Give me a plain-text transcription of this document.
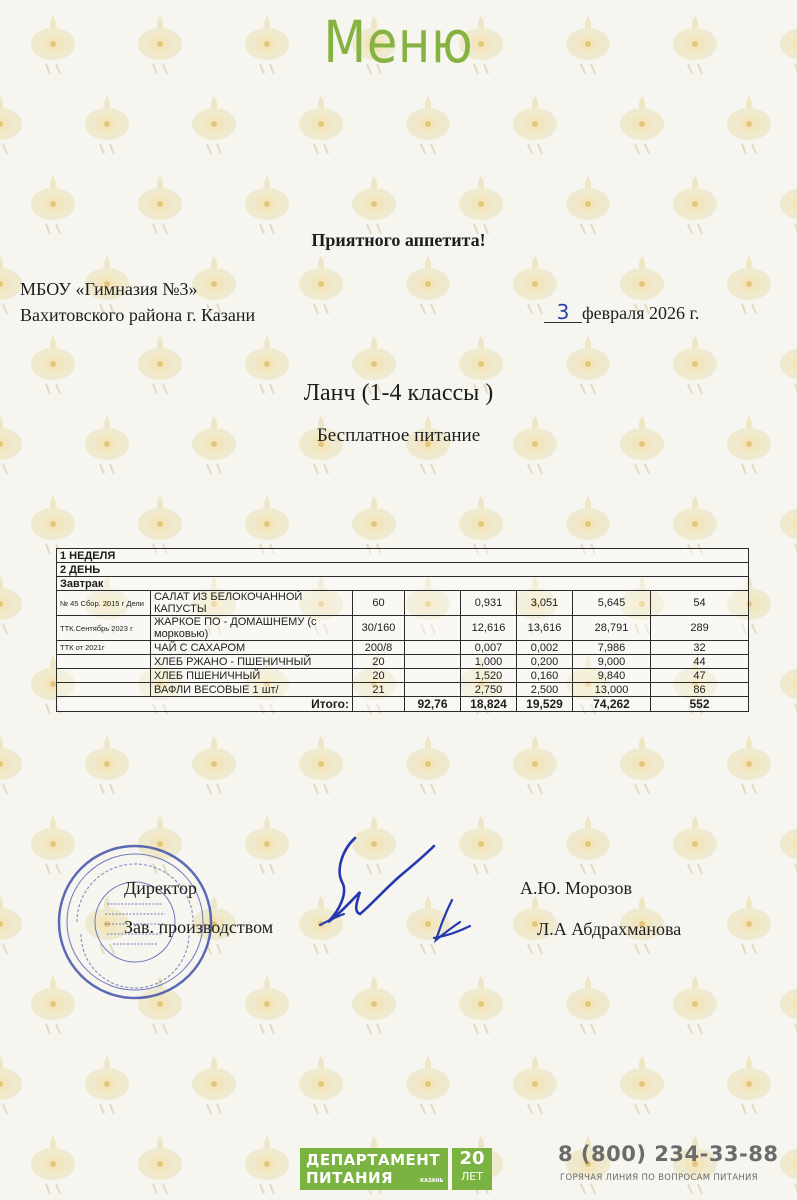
Меню
Приятного аппетита!
МБОУ «Гимназия №3»
Вахитовского района г. Казани	3 февраля 2026 г.
Ланч (1-4 классы )
Бесплатное питание
1 НЕДЕЛЯ							
2 ДЕНЬ							
Завтрак							
№ 45 Сбор. 2015 г Дели	САЛАТ ИЗ БЕЛОКОЧАННОЙ КАПУСТЫ	60		0,931	3,051	5,645	54
ТТК.Сентябрь 2023 г	ЖАРКОЕ ПО - ДОМАШНЕМУ (с морковью)	30/160		12,616	13,616	28,791	289
ТТК от 2021г	ЧАЙ С САХАРОМ	200/8		0,007	0,002	7,986	32
	ХЛЕБ РЖАНО - ПШЕНИЧНЫЙ	20		1,000	0,200	9,000	44
	ХЛЕБ ПШЕНИЧНЫЙ	20		1,520	0,160	9,840	47
	ВАФЛИ ВЕСОВЫЕ 1 шт/	21		2,750	2,500	13,000	86
Итого:			92,76	18,824	19,529	74,262	552
Директор	А.Ю. Морозов
Зав. производством	Л.А Абдрахманова
ДЕПАРТАМЕНТ
ПИТАНИЯ	КАЗАНЬ
20
ЛЕТ
8 (800) 234-33-88
ГОРЯЧАЯ ЛИНИЯ ПО ВОПРОСАМ ПИТАНИЯ
